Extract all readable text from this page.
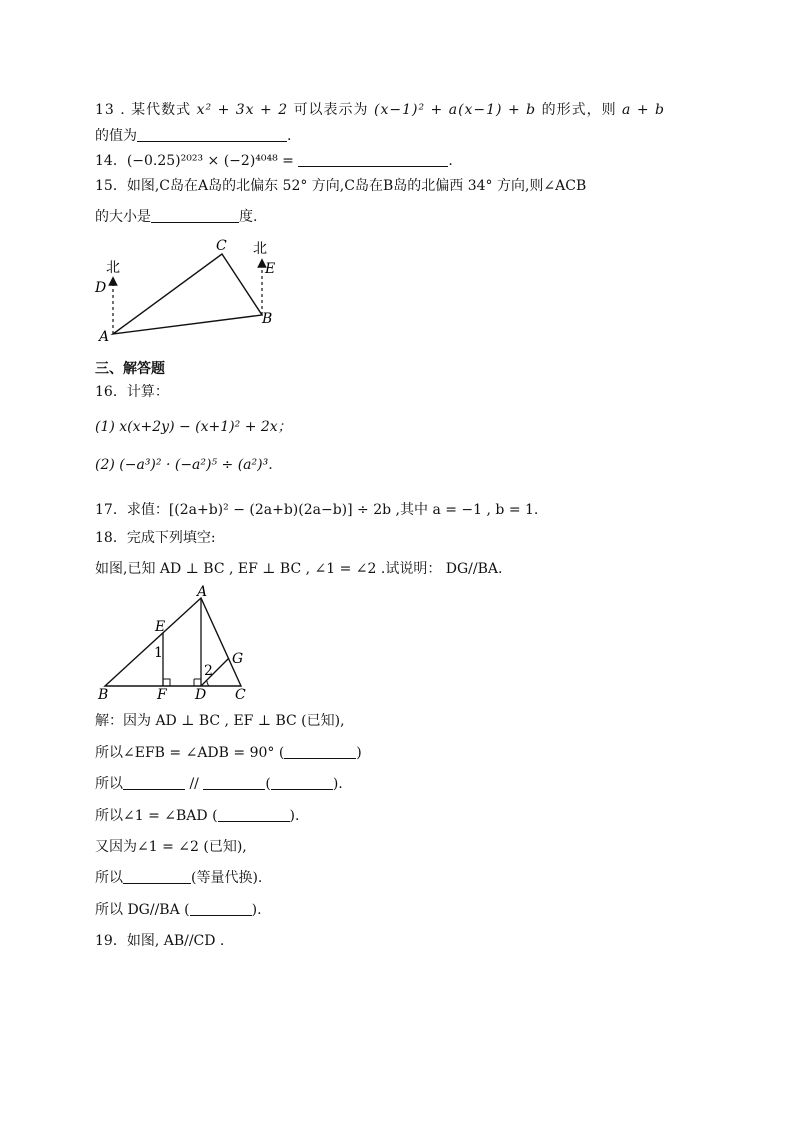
13 . 某代数式 x² + 3x + 2 可以表示为 (x−1)² + a(x−1) + b 的形式，则 a + b
的值为	.
14．(−0.25)²⁰²³ × (−2)⁴⁰⁴⁸ =	.
15．如图,C岛在A岛的北偏东 52° 方向,C岛在B岛的北偏西 34° 方向,则∠ACB
的大小是	度.
北
北
D
E
C
A
B
三、解答题
16．计算：
(1) x(x+2y) − (x+1)² + 2x；
(2) (−a³)² · (−a²)⁵ ÷ (a²)³.
17．求值：[(2a+b)² − (2a+b)(2a−b)] ÷ 2b ,其中 a = −1 , b = 1.
18．完成下列填空:
如图,已知 AD ⊥ BC , EF ⊥ BC , ∠1 = ∠2 .试说明： DG//BA.
A
E
G
B	F D C
1
2
解：因为 AD ⊥ BC , EF ⊥ BC (已知),
所以∠EFB = ∠ADB = 90° (	)
所以	//	(	).
所以∠1 = ∠BAD (	).
又因为∠1 = ∠2 (已知),
所以	(等量代换).
所以 DG//BA (	).
19．如图, AB//CD .
